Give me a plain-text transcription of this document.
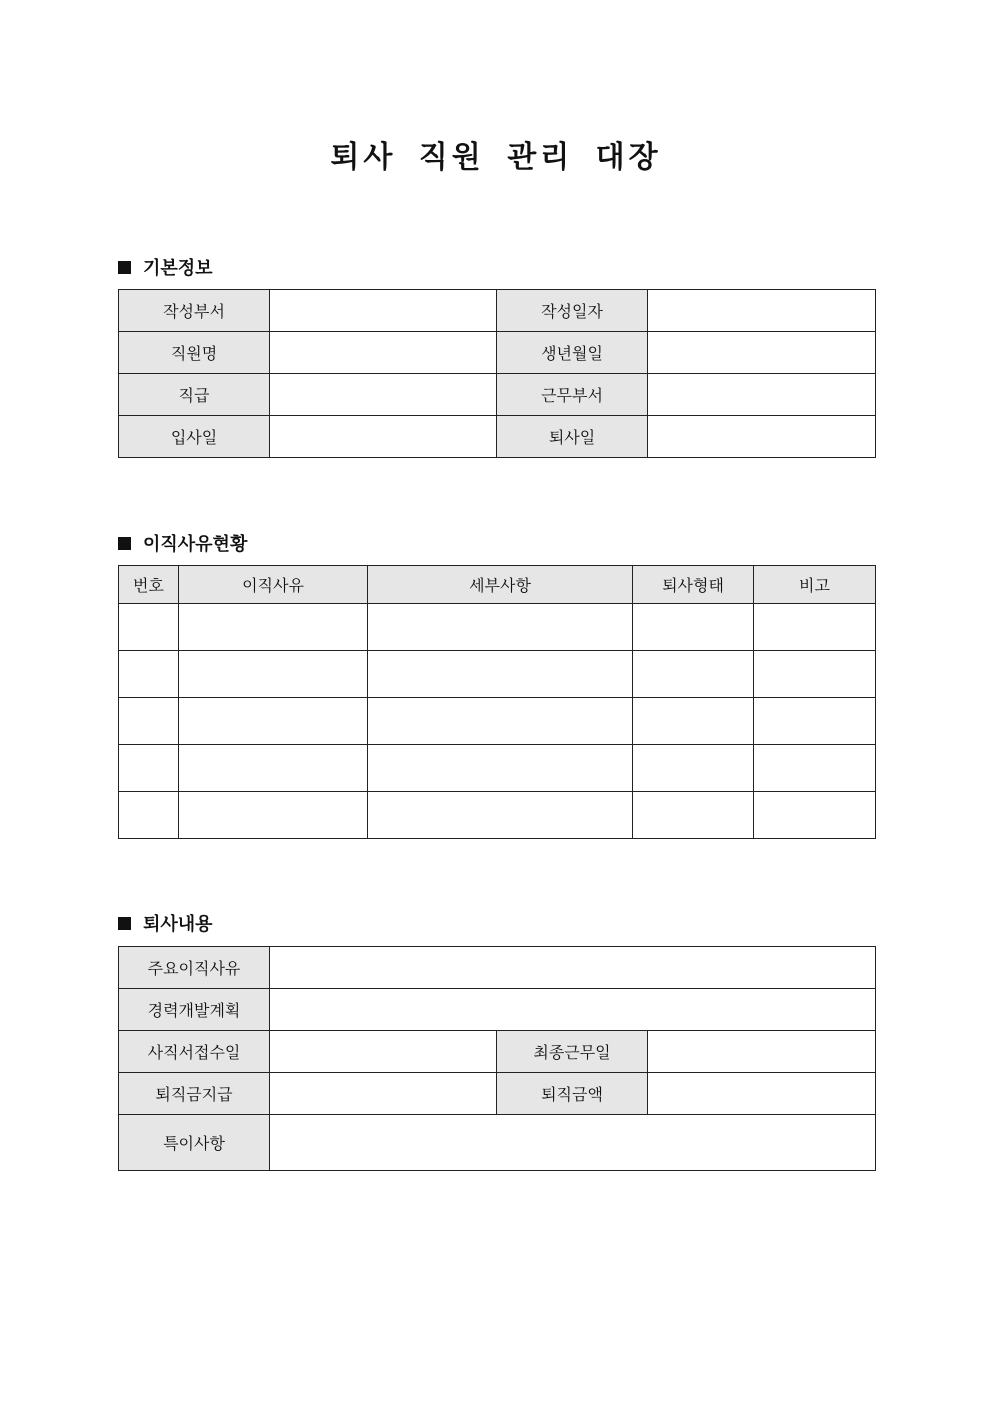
퇴사 직원 관리 대장
기본정보
작성부서		작성일자	
직원명		생년월일	
직급		근무부서	
입사일		퇴사일	
이직사유현황
번호	이직사유	세부사항	퇴사형태	비고

퇴사내용
주요이직사유			
경력개발계획			
사직서접수일		최종근무일	
퇴직금지급		퇴직금액	
특이사항			
